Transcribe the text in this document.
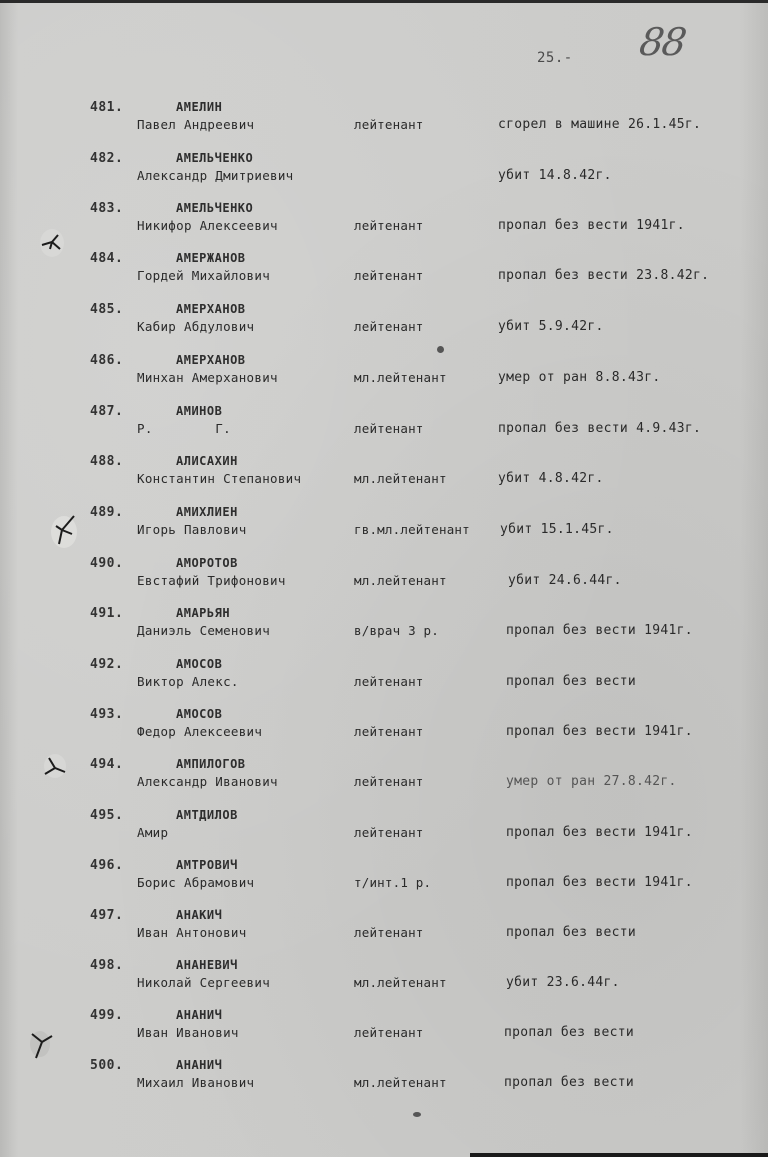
25.- 88
481.	АМЕЛИН
Павел Андреевич	лейтенант	сгорел в машине 26.1.45г.
482.	АМЕЛЬЧЕНКО
Александр Дмитриевич	убит 14.8.42г.
483.	АМЕЛЬЧЕНКО
Никифор Алексеевич	лейтенант	пропал без вести 1941г.
484.	АМЕРЖАНОВ
Гордей Михайлович	лейтенант	пропал без вести 23.8.42г.
485.	АМЕРХАНОВ
Кабир Абдулович	лейтенант	убит 5.9.42г.
486.	АМЕРХАНОВ
Минхан Амерханович	мл.лейтенант	умер от ран 8.8.43г.
487.	АМИНОВ
Р.        Г.	лейтенант	пропал без вести 4.9.43г.
488.	АЛИСАХИН
Константин Степанович	мл.лейтенант	убит 4.8.42г.
489.	АМИХЛИЕН
Игорь Павлович	гв.мл.лейтенант убит 15.1.45г.
490.	АМОРОТОВ
Евстафий Трифонович	мл.лейтенант	убит 24.6.44г.
491.	АМАРЬЯН
Даниэль Семенович	в/врач 3 р.	пропал без вести 1941г.
492.	АМОСОВ
Виктор Алекс.	лейтенант	пропал без вести
493.	АМОСОВ
Федор Алексеевич	лейтенант	пропал без вести 1941г.
494.	АМПИЛОГОВ
Александр Иванович	лейтенант	умер от ран 27.8.42г.
495.	АМТДИЛОВ
Амир	лейтенант	пропал без вести 1941г.
496.	АМТРОВИЧ
Борис Абрамович	т/инт.1 р.	пропал без вести 1941г.
497.	АНАКИЧ
Иван Антонович	лейтенант	пропал без вести
498.	АНАНЕВИЧ
Николай Сергеевич	мл.лейтенант	убит 23.6.44г.
499.	АНАНИЧ
Иван Иванович	лейтенант	пропал без вести
500.	АНАНИЧ
Михаил Иванович	мл.лейтенант	пропал без вести
